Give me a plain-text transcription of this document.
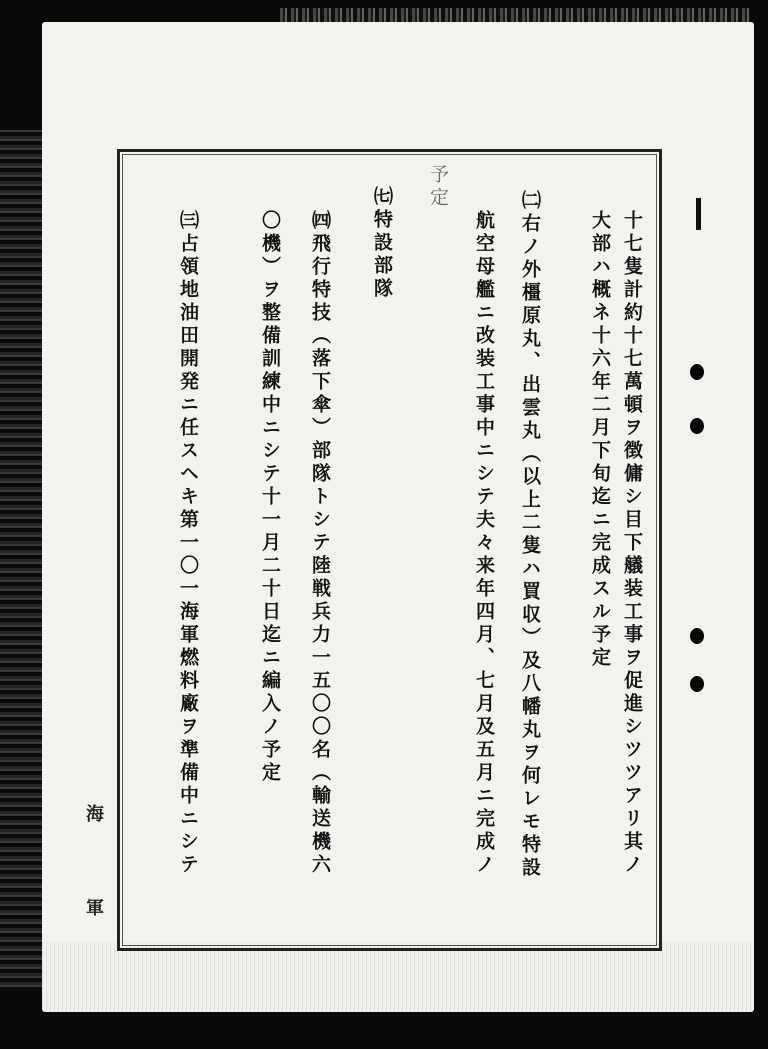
十七隻計約十七萬頓ヲ徴傭シ目下艤装工事ヲ促進シツツアリ其ノ
大部ハ概ネ十六年二月下旬迄ニ完成スル予定
㈡右ノ外橿原丸、出雲丸（以上二隻ハ買収）及八幡丸ヲ何レモ特設
航空母艦ニ改装工事中ニシテ夫々来年四月、七月及五月ニ完成ノ
予定
㈦特設部隊
㈣飛行特技（落下傘）部隊トシテ陸戦兵力一五〇〇名（輸送機六
〇機）ヲ整備訓練中ニシテ十一月二十日迄ニ編入ノ予定
㈢占領地油田開発ニ任スヘキ第一〇一海軍燃料廠ヲ準備中ニシテ
海
軍
